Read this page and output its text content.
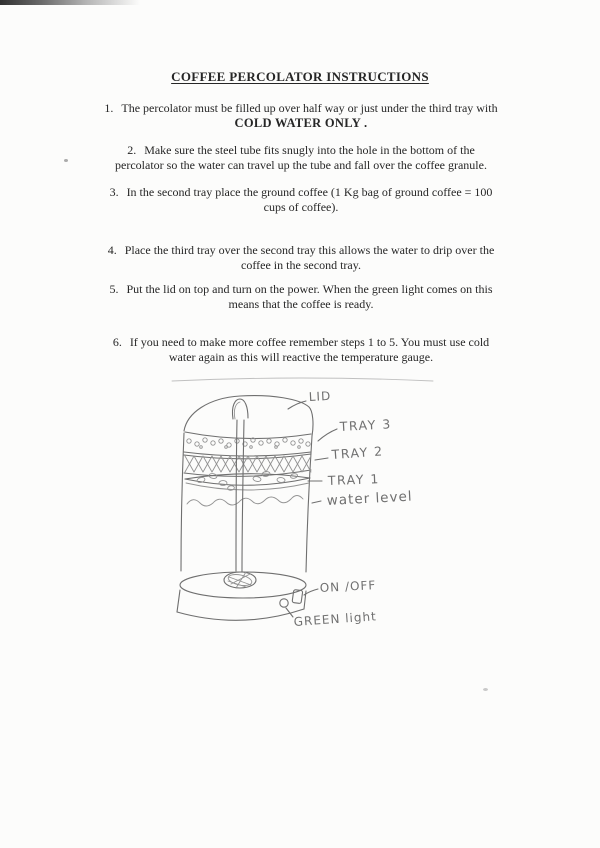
COFFEE PERCOLATOR INSTRUCTIONS
1. The percolator must be filled up over half way or just under the third tray with
COLD WATER ONLY .
2. Make sure the steel tube fits snugly into the hole in the bottom of the
percolator so the water can travel up the tube and fall over the coffee granule.
3. In the second tray place the ground coffee (1 Kg bag of ground coffee = 100
cups of coffee).
4. Place the third tray over the second tray this allows the water to drip over the
coffee in the second tray.
5. Put the lid on top and turn on the power. When the green light comes on this
means that the coffee is ready.
6. If you need to make more coffee remember steps 1 to 5. You must use cold
water again as this will reactive the temperature gauge.
LID
TRAY 3
TRAY 2
TRAY 1
water level
ON /OFF
GREEN light
